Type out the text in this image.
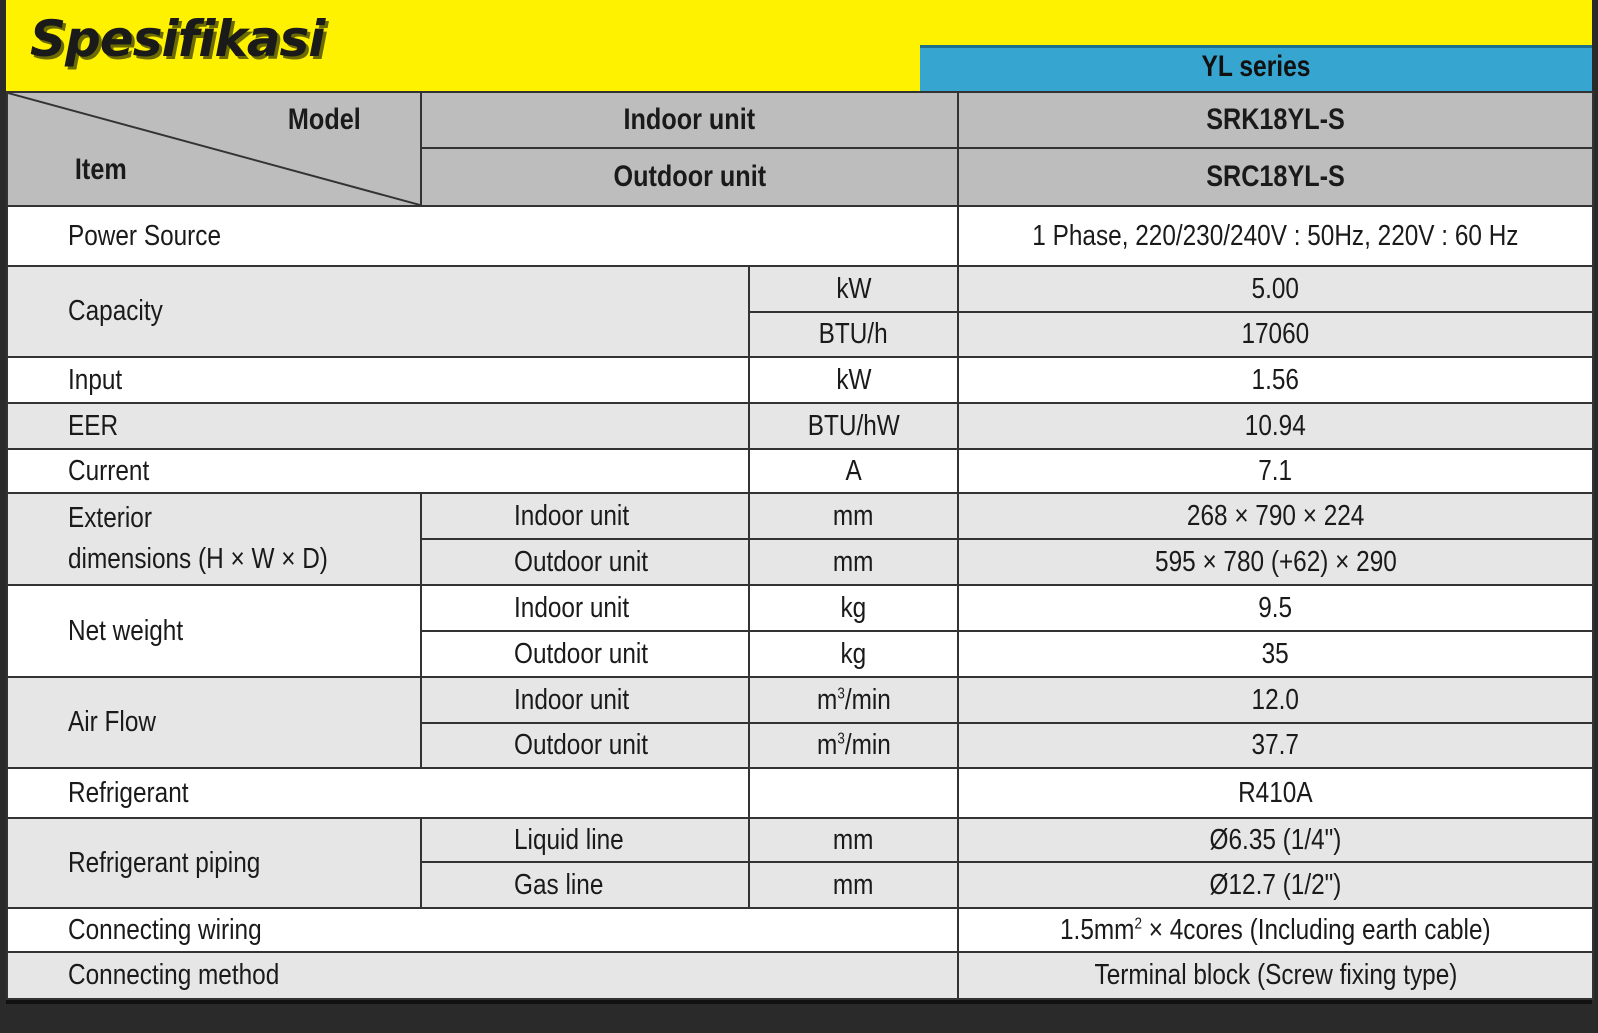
Spesifikasi	YL series
Model
Item	Indoor unit		SRK18YL-S
	Outdoor unit		SRC18YL-S
Power Source			1 Phase, 220/230/240V : 50Hz, 220V : 60 Hz
Capacity		kW	5.00
		BTU/h	17060
Input		kW	1.56
EER		BTU/hW	10.94
Current		A	7.1
Exterior
dimensions (H × W × D)	Indoor unit	mm	268 × 790 × 224
	Outdoor unit	mm	595 × 780 (+62) × 290
Net weight	Indoor unit	kg	9.5
	Outdoor unit	kg	35
Air Flow	Indoor unit	$m^3/\min$	12.0
	Outdoor unit	$m^3/\min$	37.7
Refrigerant			R410A
Refrigerant piping	Liquid line	mm	Ø6.35 (1/4")
	Gas line	mm	Ø12.7 (1/2")
Connecting wiring			$1.5mm^2$ × 4cores (Including earth cable)
Connecting method			Terminal block (Screw fixing type)
